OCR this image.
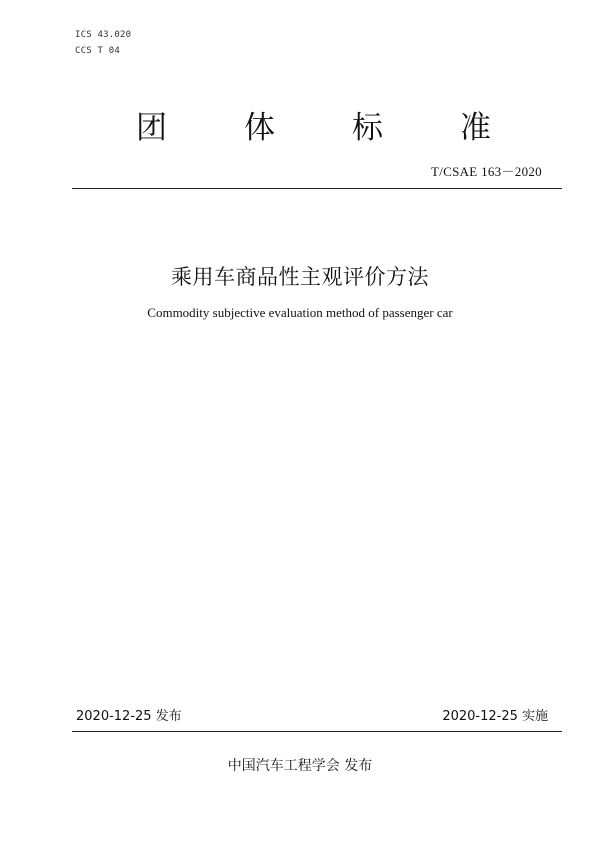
ICS 43.020
CCS T 04
团 体 标 准
T/CSAE 163－2020
乘用车商品性主观评价方法
Commodity subjective evaluation method of passenger car
2020-12-25 发布	2020-12-25 实施
中国汽车工程学会 发布
